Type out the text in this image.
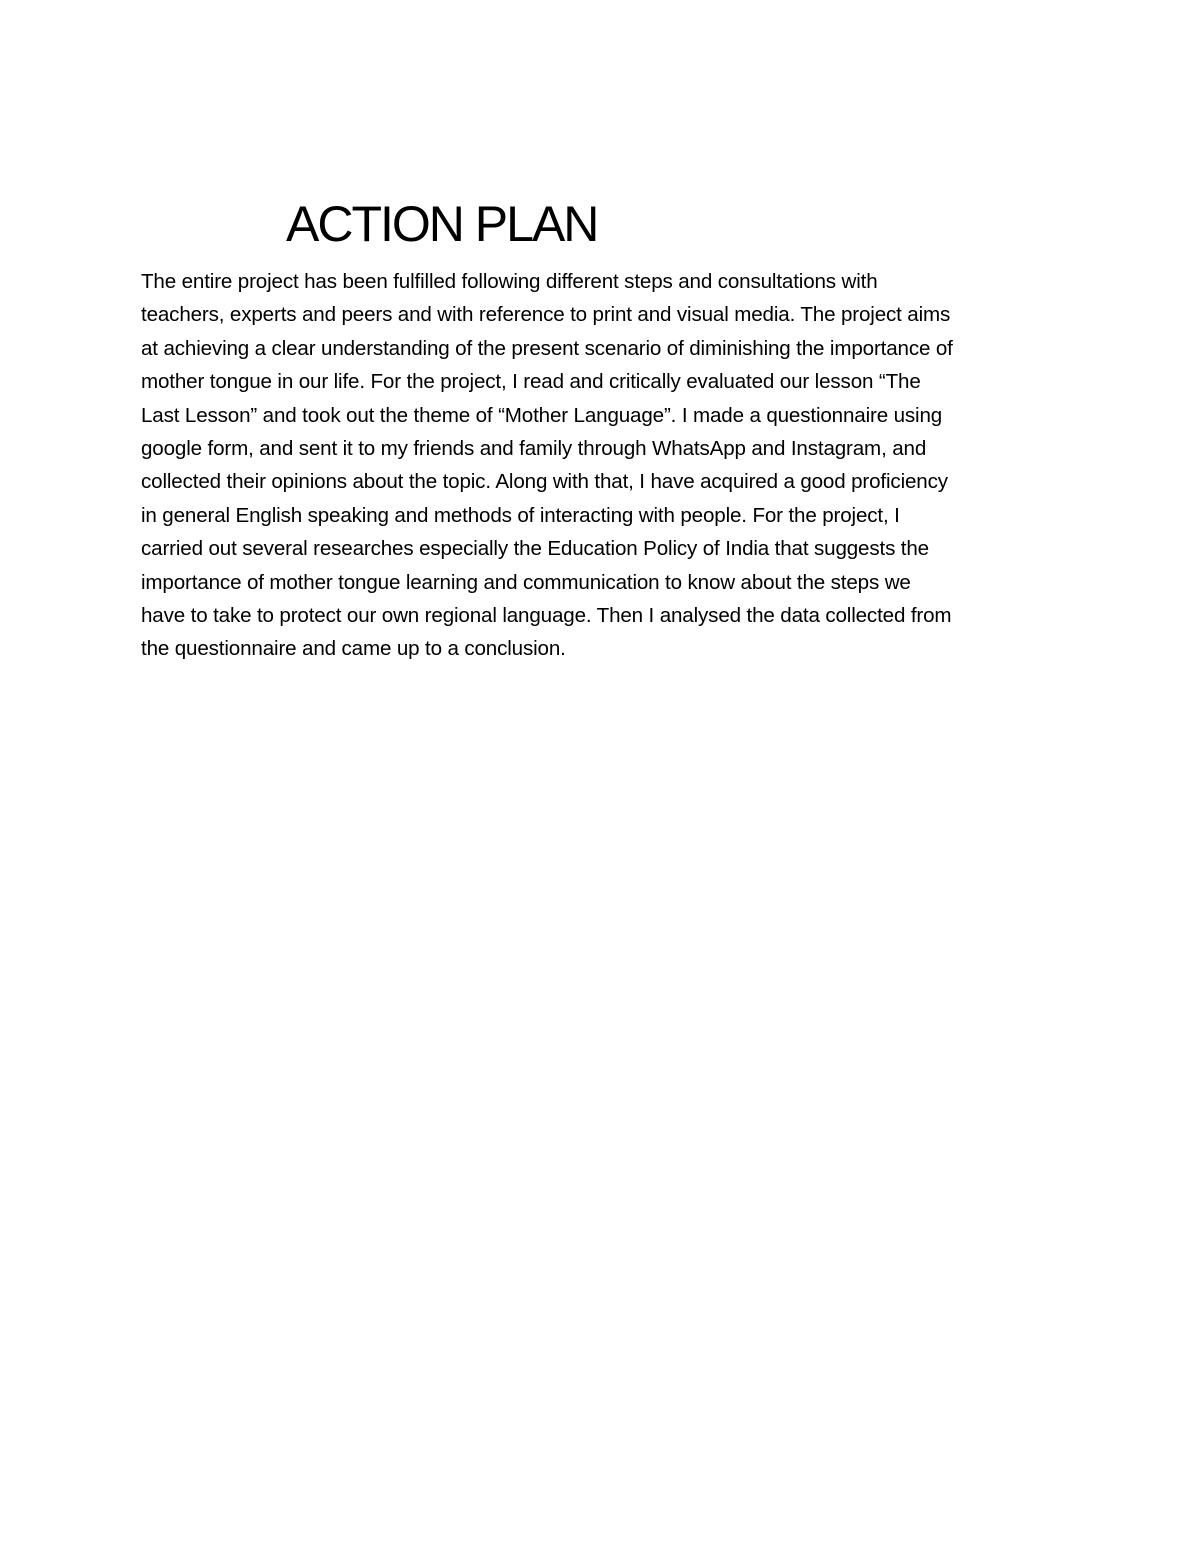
ACTION PLAN
The entire project has been fulfilled following different steps and consultations with
teachers, experts and peers and with reference to print and visual media. The project aims
at achieving a clear understanding of the present scenario of diminishing the importance of
mother tongue in our life. For the project, I read and critically evaluated our lesson “The
Last Lesson” and took out the theme of “Mother Language”. I made a questionnaire using
google form, and sent it to my friends and family through WhatsApp and Instagram, and
collected their opinions about the topic. Along with that, I have acquired a good proficiency
in general English speaking and methods of interacting with people. For the project, I
carried out several researches especially the Education Policy of India that suggests the
importance of mother tongue learning and communication to know about the steps we
have to take to protect our own regional language. Then I analysed the data collected from
the questionnaire and came up to a conclusion.
